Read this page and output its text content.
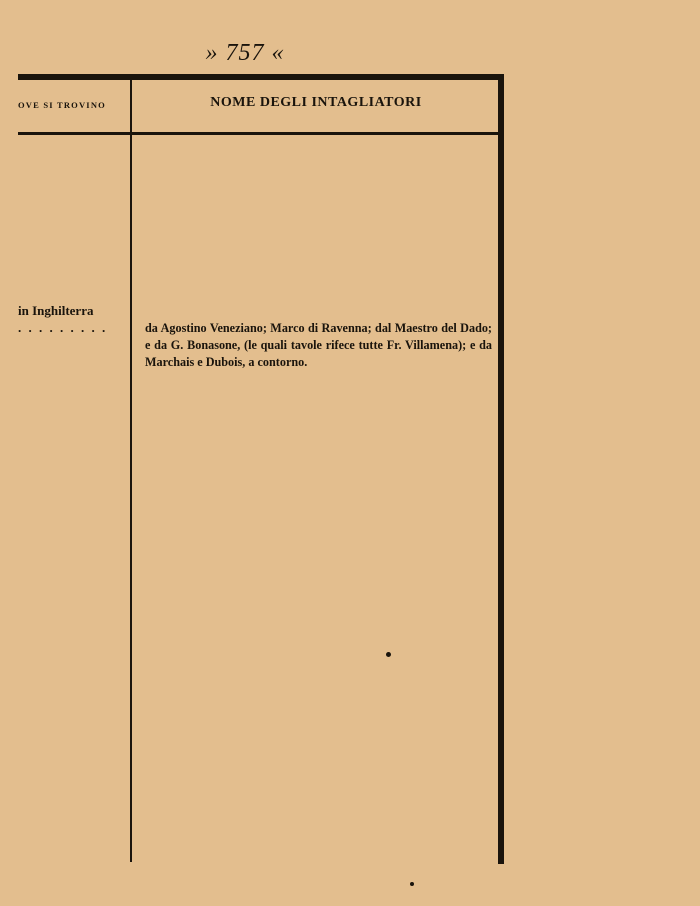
» 757 «
OVE SI TROVINO	NOME DEGLI INTAGLIATORI
in Inghilterra
. . . . . . . . .	da Agostino Veneziano; Marco di Ravenna; dal Maestro del Dado; e da G. Bonasone, (le quali tavole rifece tutte Fr. Villamena); e da Marchais e Dubois, a contorno.
